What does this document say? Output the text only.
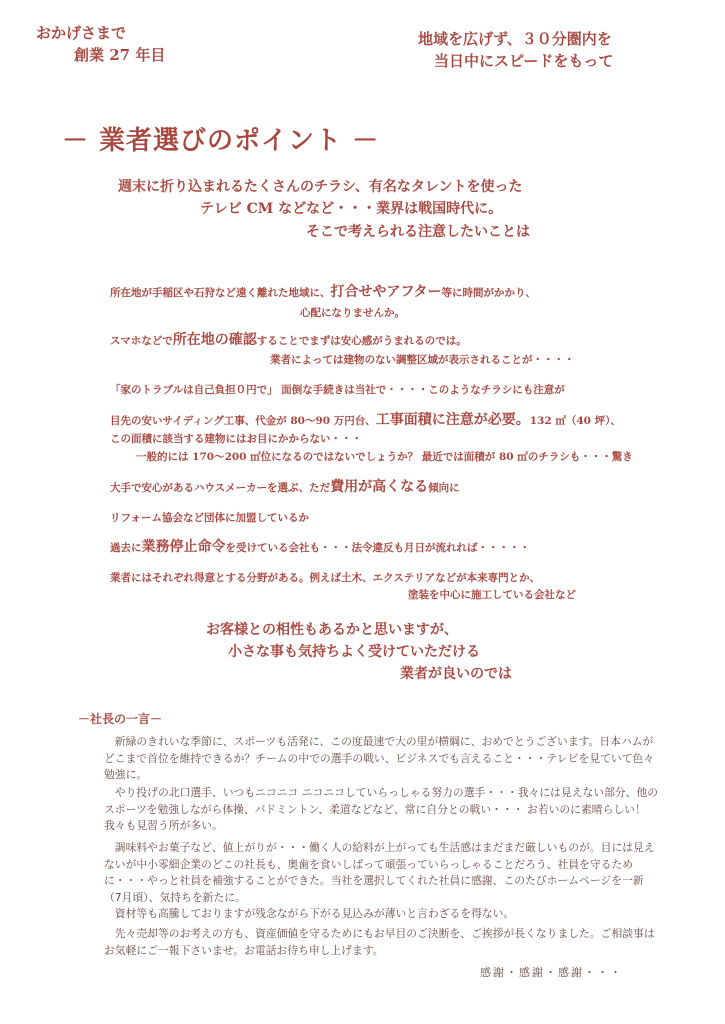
おかげさまで
創業 27 年目
地域を広げず、３０分圏内を
当日中にスピードをもって
－ 業者選びのポイント －
週末に折り込まれるたくさんのチラシ、有名なタレントを使った
テレビ CM などなど・・・業界は戦国時代に。
そこで考えられる注意したいことは
所在地が手稲区や石狩など遠く離れた地域に、打合せやアフター等に時間がかかり、
心配になりませんか。
スマホなどで所在地の確認することでまずは安心感がうまれるのでは。
業者によっては建物のない調整区域が表示されることが・・・・
「家のトラブルは自己負担０円で」 面倒な手続きは当社で・・・・このようなチラシにも注意が
目先の安いサイディング工事、代金が 80～90 万円台、工事面積に注意が必要。132 ㎡（40 坪）、
この面積に該当する建物にはお目にかからない・・・
一般的には 170～200 ㎡位になるのではないでしょうか？ 最近では面積が 80 ㎡のチラシも・・・驚き
大手で安心があるハウスメーカーを選ぶ、ただ費用が高くなる傾向に
リフォーム協会など団体に加盟しているか
過去に業務停止命令を受けている会社も・・・法令違反も月日が流れれば・・・・・
業者にはそれぞれ得意とする分野がある。例えば土木、エクステリアなどが本来専門とか、
塗装を中心に施工している会社など
お客様との相性もあるかと思いますが、
小さな事も気持ちよく受けていただける
業者が良いのでは
－社長の一言－
新緑のきれいな季節に、スポーツも活発に、この度最速で大の里が横綱に、おめでとうございます。日本ハムがどこまで首位を維持できるか？チームの中での選手の戦い、ビジネスでも言えること・・・テレビを見ていて色々勉強に。
やり投げの北口選手、いつもニコニコ ニコニコしていらっしゃる努力の選手・・・我々には見えない部分、他のスポーツを勉強しながら体操、バドミントン、柔道などなど、常に自分との戦い・・・ お若いのに素晴らしい！我々も見習う所が多い。
調味料やお菓子など、値上がりが・・・働く人の給料が上がっても生活感はまだまだ厳しいものが。目には見えないが中小零細企業のどこの社長も、奥歯を食いしばって頑張っていらっしゃることだろう、社員を守るために・・・やっと社員を補強することができた。当社を選択してくれた社員に感謝、このたびホームページを一新（7月頃）、気持ちを新たに。
資材等も高騰しておりますが残念ながら下がる見込みが薄いと言わざるを得ない。
先々売却等のお考えの方も、資産価値を守るためにもお早目のご決断を、ご挨拶が長くなりました。ご相談事はお気軽にご一報下さいませ。お電話お待ち申し上げます。
感謝・感謝・感謝・・・
